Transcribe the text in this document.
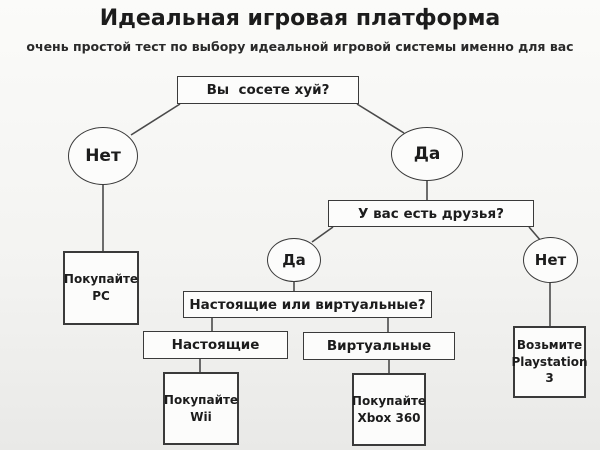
Идеальная игровая платформа
очень простой тест по выбору идеальной игровой системы именно для вас
Вы  сосете хуй?
Нет	Да
Покупайте
PC
У вас есть друзья?
Да	Нет
Настоящие или виртуальные?
Настоящие	Виртуальные
Покупайте
Wii
Покупайте
Xbox 360
Возьмите
Playstation 3
